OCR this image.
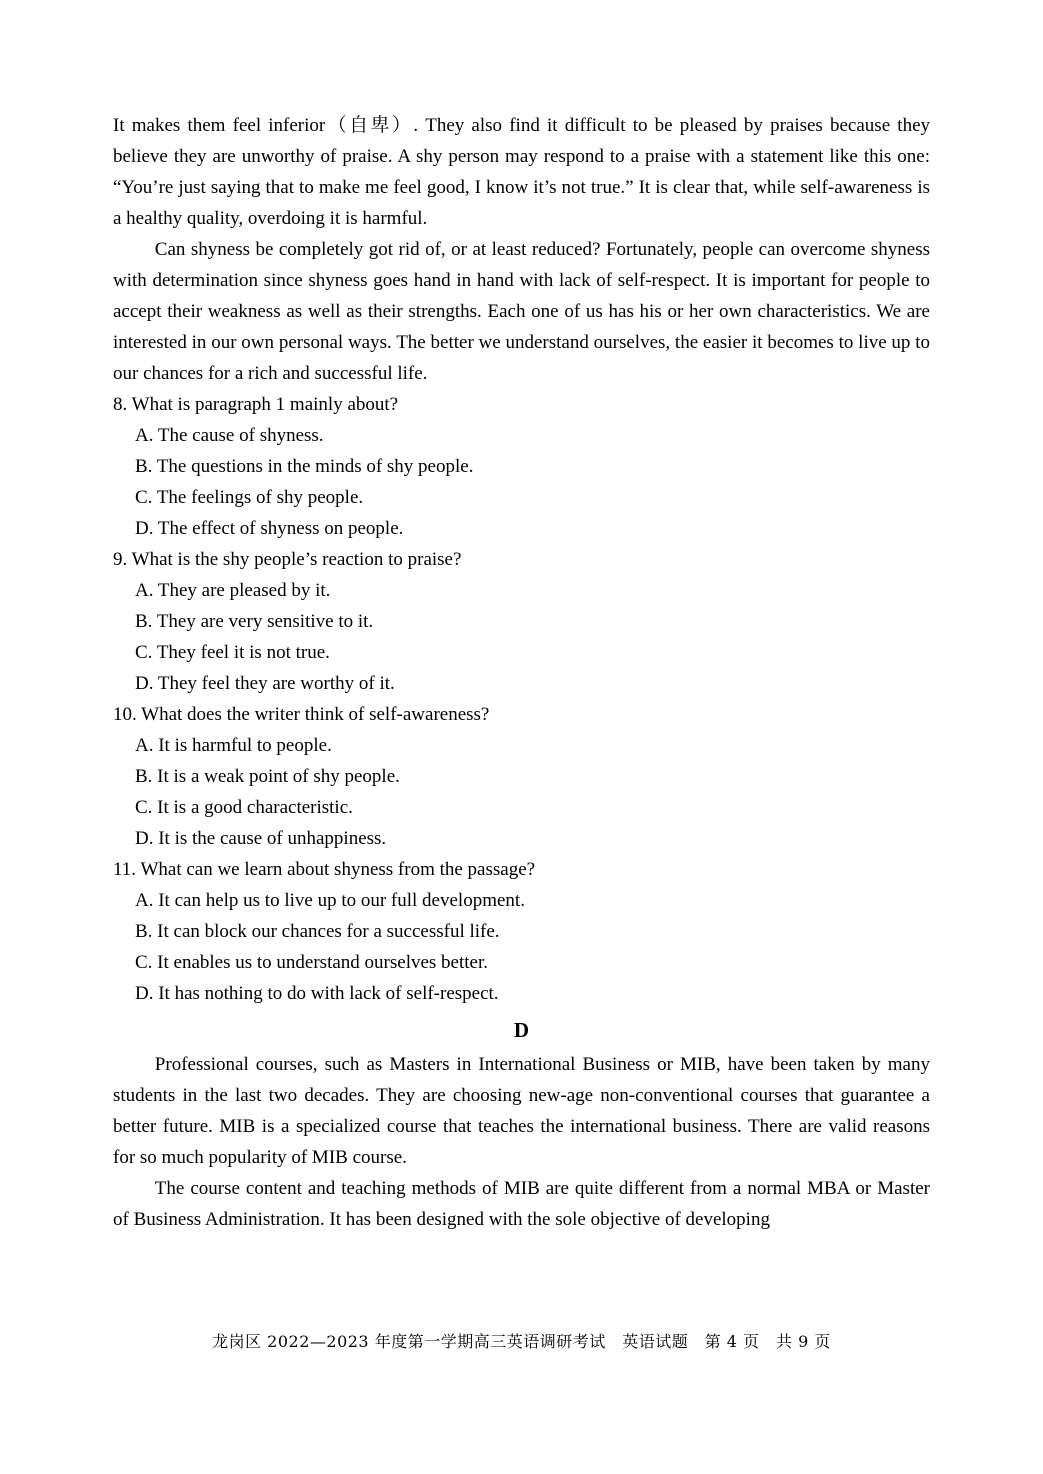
It makes them feel inferior（自卑）. They also find it difficult to be pleased by praises because they believe they are unworthy of praise. A shy person may respond to a praise with a statement like this one: “You’re just saying that to make me feel good, I know it’s not true.” It is clear that, while self-awareness is a healthy quality, overdoing it is harmful.

Can shyness be completely got rid of, or at least reduced? Fortunately, people can overcome shyness with determination since shyness goes hand in hand with lack of self-respect. It is important for people to accept their weakness as well as their strengths. Each one of us has his or her own characteristics. We are interested in our own personal ways. The better we understand ourselves, the easier it becomes to live up to our chances for a rich and successful life.

8. What is paragraph 1 mainly about?

A. The cause of shyness.

B. The questions in the minds of shy people.

C. The feelings of shy people.

D. The effect of shyness on people.

9. What is the shy people’s reaction to praise?

A. They are pleased by it.

B. They are very sensitive to it.

C. They feel it is not true.

D. They feel they are worthy of it.

10. What does the writer think of self-awareness?

A. It is harmful to people.

B. It is a weak point of shy people.

C. It is a good characteristic.

D. It is the cause of unhappiness.

11. What can we learn about shyness from the passage?

A. It can help us to live up to our full development.

B. It can block our chances for a successful life.

C. It enables us to understand ourselves better.

D. It has nothing to do with lack of self-respect.

D

Professional courses, such as Masters in International Business or MIB, have been taken by many students in the last two decades. They are choosing new-age non-conventional courses that guarantee a better future. MIB is a specialized course that teaches the international business. There are valid reasons for so much popularity of MIB course.

The course content and teaching methods of MIB are quite different from a normal MBA or Master of Business Administration. It has been designed with the sole objective of developing

龙岗区 2022—2023 年度第一学期高三英语调研考试　英语试题　第 4 页　共 9 页
